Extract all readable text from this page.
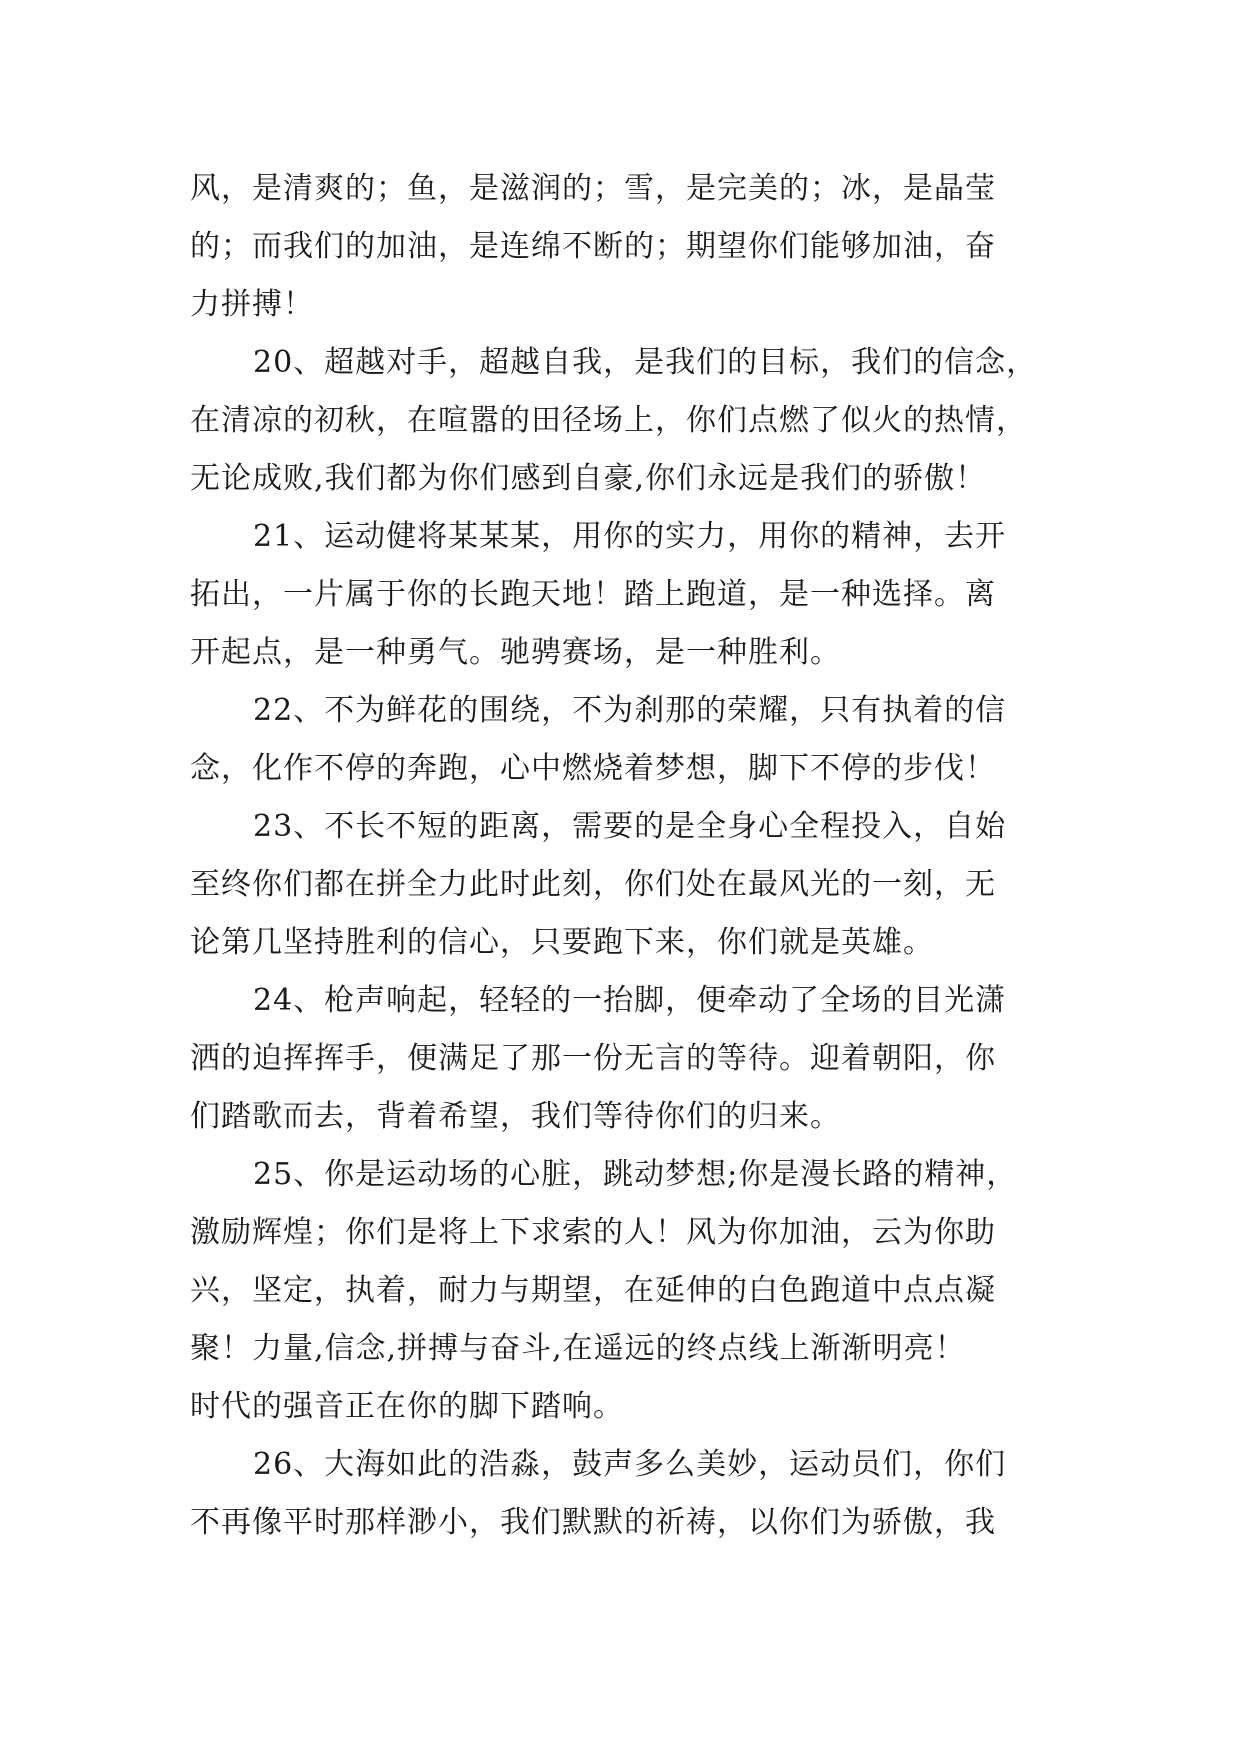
风，是清爽的；鱼，是滋润的；雪，是完美的；冰，是晶莹
的；而我们的加油，是连绵不断的；期望你们能够加油，奋
力拼搏！
20、超越对手，超越自我，是我们的目标，我们的信念，
在清凉的初秋，在喧嚣的田径场上，你们点燃了似火的热情，
无论成败,我们都为你们感到自豪,你们永远是我们的骄傲！
21、运动健将某某某，用你的实力，用你的精神，去开
拓出，一片属于你的长跑天地！踏上跑道，是一种选择。离
开起点，是一种勇气。驰骋赛场，是一种胜利。
22、不为鲜花的围绕，不为刹那的荣耀，只有执着的信
念，化作不停的奔跑，心中燃烧着梦想，脚下不停的步伐！
23、不长不短的距离，需要的是全身心全程投入，自始
至终你们都在拼全力此时此刻，你们处在最风光的一刻，无
论第几坚持胜利的信心，只要跑下来，你们就是英雄。
24、枪声响起，轻轻的一抬脚，便牵动了全场的目光潇
洒的迫挥挥手，便满足了那一份无言的等待。迎着朝阳，你
们踏歌而去，背着希望，我们等待你们的归来。
25、你是运动场的心脏，跳动梦想;你是漫长路的精神，
激励辉煌；你们是将上下求索的人！风为你加油，云为你助
兴，坚定，执着，耐力与期望，在延伸的白色跑道中点点凝
聚！力量,信念,拼搏与奋斗,在遥远的终点线上渐渐明亮！
时代的强音正在你的脚下踏响。
26、大海如此的浩淼，鼓声多么美妙，运动员们，你们
不再像平时那样渺小，我们默默的祈祷，以你们为骄傲，我
